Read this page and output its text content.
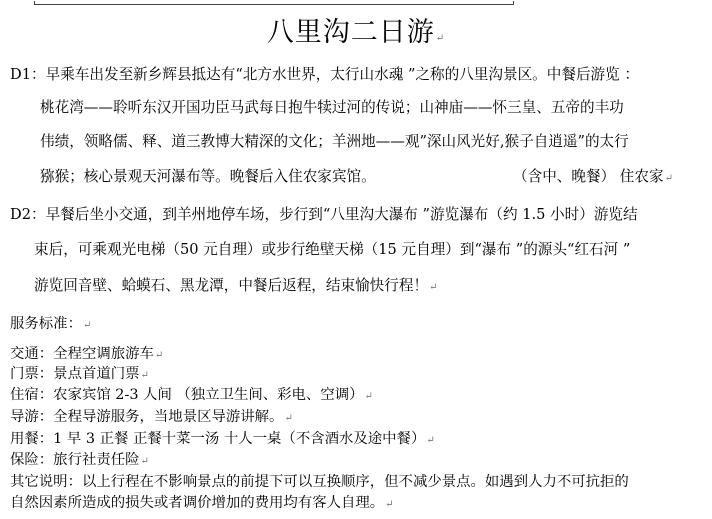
八里沟二日游↵
D1：早乘车出发至新乡辉县抵达有“北方水世界，太行山水魂 ”之称的八里沟景区。中餐后游览 ：
桃花湾——聆听东汉开国功臣马武每日抱牛犊过河的传说；山神庙——怀三皇、五帝的丰功
伟绩，领略儒、释、道三教博大精深的文化；羊洲地——观”深山风光好,猴子自逍遥”的太行
猕猴；核心景观天河瀑布等。晚餐后入住农家宾馆。	（含中、晚餐） 住农家↵
D2：早餐后坐小交通，到羊州地停车场，步行到“八里沟大瀑布 ”游览瀑布（约 1.5 小时）游览结
束后，可乘观光电梯（50 元自理）或步行绝壁天梯（15 元自理）到“瀑布 ”的源头“红石河 ”
游览回音壁、蛤蟆石、黑龙潭，中餐后返程，结束愉快行程！↵
服务标准：↵
交通：全程空调旅游车↵
门票：景点首道门票↵
住宿：农家宾馆 2-3 人间 （独立卫生间、彩电、空调）↵
导游：全程导游服务，当地景区导游讲解。↵
用餐：1 早 3 正餐 正餐十菜一汤 十人一桌（不含酒水及途中餐）↵
保险：旅行社责任险↵
其它说明：以上行程在不影响景点的前提下可以互换顺序，但不减少景点。如遇到人力不可抗拒的
自然因素所造成的损失或者调价增加的费用均有客人自理。↵
